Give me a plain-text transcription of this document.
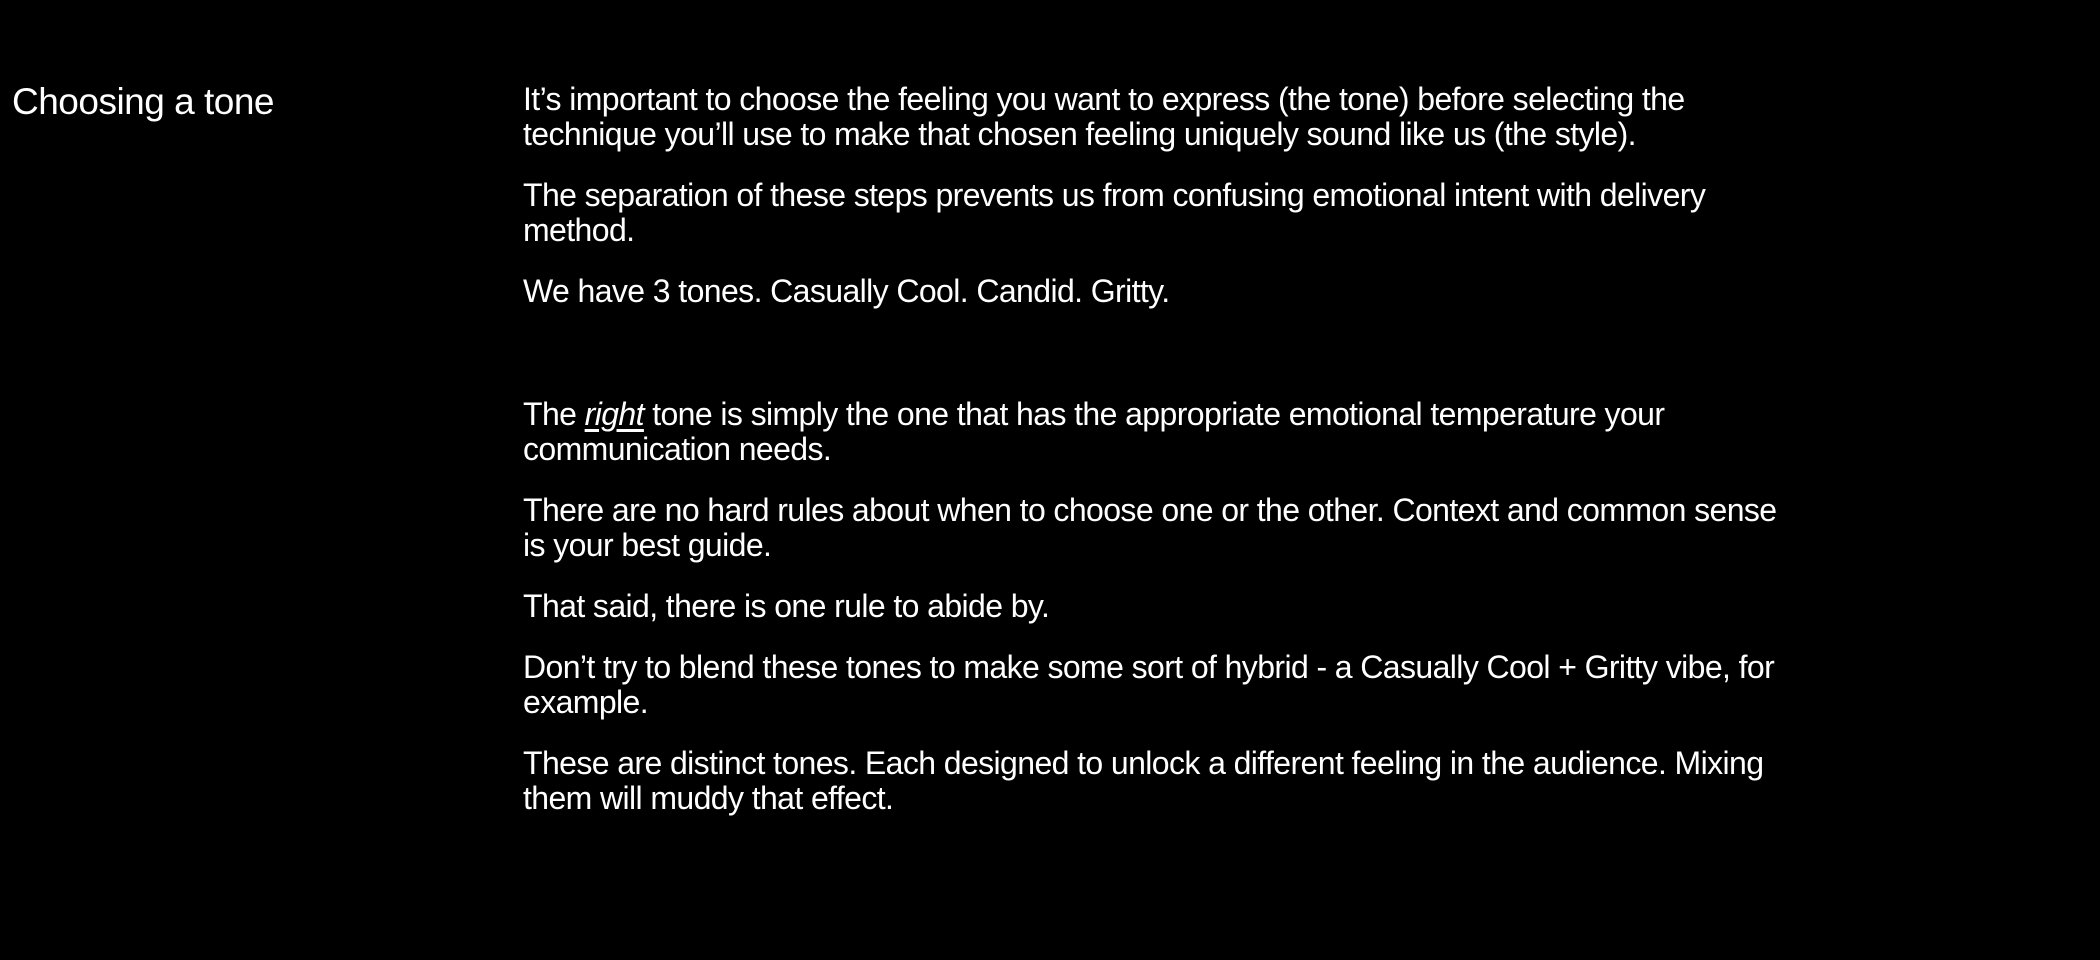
Choosing a tone	It’s important to choose the feeling you want to express (the tone) before selecting the technique you’ll use to make that chosen feeling uniquely sound like us (the style).

The separation of these steps prevents us from confusing emotional intent with delivery method.

We have 3 tones. Casually Cool. Candid. Gritty.

The right tone is simply the one that has the appropriate emotional temperature your communication needs.

There are no hard rules about when to choose one or the other. Context and common sense is your best guide.

That said, there is one rule to abide by.

Don’t try to blend these tones to make some sort of hybrid - a Casually Cool + Gritty vibe, for example.

These are distinct tones. Each designed to unlock a different feeling in the audience. Mixing them will muddy that effect.
